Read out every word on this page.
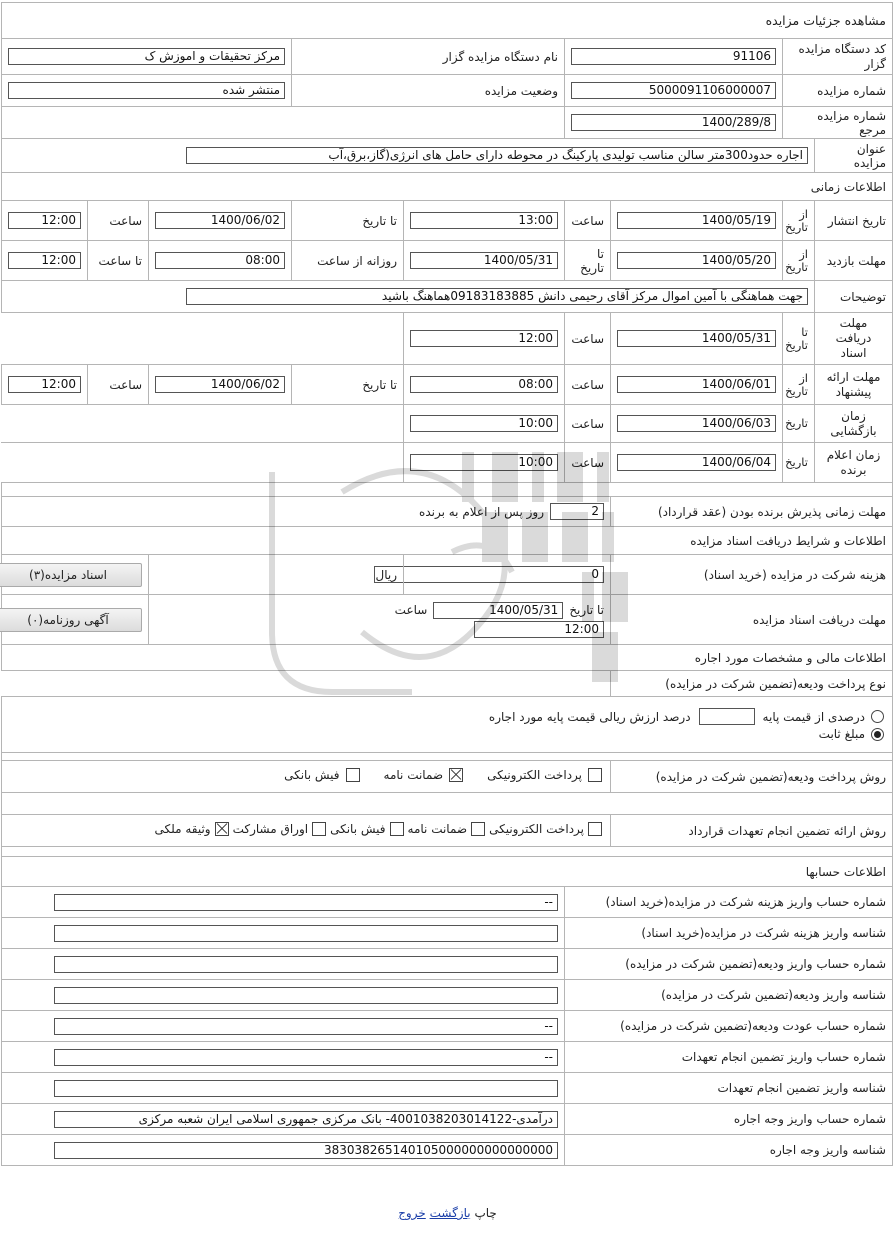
مشاهده جزئیات مزایده								
کد دستگاه مزایده گزار		91106		نام دستگاه مزایده گزار		مرکز تحقیقات و اموزش ک		

شماره مزایده		5000091106000007		وضعیت مزایده		منتشر شده		

شماره مزایده مرجع		1400/289/8						

عنوان مزایده	اجاره حدود300متر سالن مناسب تولیدی پارکینگ در محوطه دارای حامل های انرژی(گاز،برق،آب							

اطلاعات زمانی								
تاریخ انتشار	از تاریخ	1400/05/19	ساعت	13:00	تا تاریخ	1400/06/02	ساعت	12:00

مهلت بازدید	از تاریخ	1400/05/20	تا تاریخ	1400/05/31	روزانه از ساعت	08:00	تا ساعت	12:00

توضیحات	جهت هماهنگی با آمین اموال مرکز آقای رحیمی دانش 09183183885هماهنگ باشید							

مهلت دریافت اسناد	تا تاریخ	1400/05/31	ساعت	12:00				

مهلت ارائه پیشنهاد	از تاریخ	1400/06/01	ساعت	08:00	تا تاریخ	1400/06/02	ساعت	12:00

زمان بازگشایی	تاریخ	1400/06/03	ساعت	10:00				

زمان اعلام برنده	تاریخ	1400/06/04	ساعت	10:00				

مهلت زمانی پذیرش برنده بودن (عقد قرارداد)			2
روز پس از اعلام به برنده					

اطلاعات و شرایط دریافت اسناد مزایده								
هزینه شرکت در مزایده (خرید اسناد)			0		ریال		اسناد مزایده(۳)	
مهلت دریافت اسناد مزایده			تا تاریخ
1400/05/31
ساعت
12:00				آگهی روزنامه(۰)	
اطلاعات مالی و مشخصات مورد اجاره								
نوع پرداخت ودیعه(تضمین شرکت در مزایده)								

درصدی از قیمت پایه
درصد ارزش ریالی قیمت پایه مورد اجاره
مبلغ ثابت								

روش پرداخت ودیعه(تضمین شرکت در مزایده)			پرداخت الکترونیکی
ضمانت نامه
فیش بانکی					

روش ارائه تضمین انجام تعهدات قرارداد			پرداخت الکترونیکی
ضمانت نامه
فیش بانکی
اوراق مشارکت
وثیقه ملکی					

اطلاعات حسابها								
شماره حساب واریز هزینه شرکت در مزایده(خرید اسناد)				--				

شناسه واریز هزینه شرکت در مزایده(خرید اسناد)								

شماره حساب واریز ودیعه(تضمین شرکت در مزایده)								

شناسه واریز ودیعه(تضمین شرکت در مزایده)								

شماره حساب عودت ودیعه(تضمین شرکت در مزایده)				--				

شماره حساب واریز تضمین انجام تعهدات				--				

شناسه واریز تضمین انجام تعهدات								

شماره حساب واریز وجه اجاره				درآمدی-4001038203014122- بانک مرکزی جمهوری اسلامی ایران شعبه مرکزی				

شناسه واریز وجه اجاره				383038265140105000000000000000				
چاپ بازگشت خروج
